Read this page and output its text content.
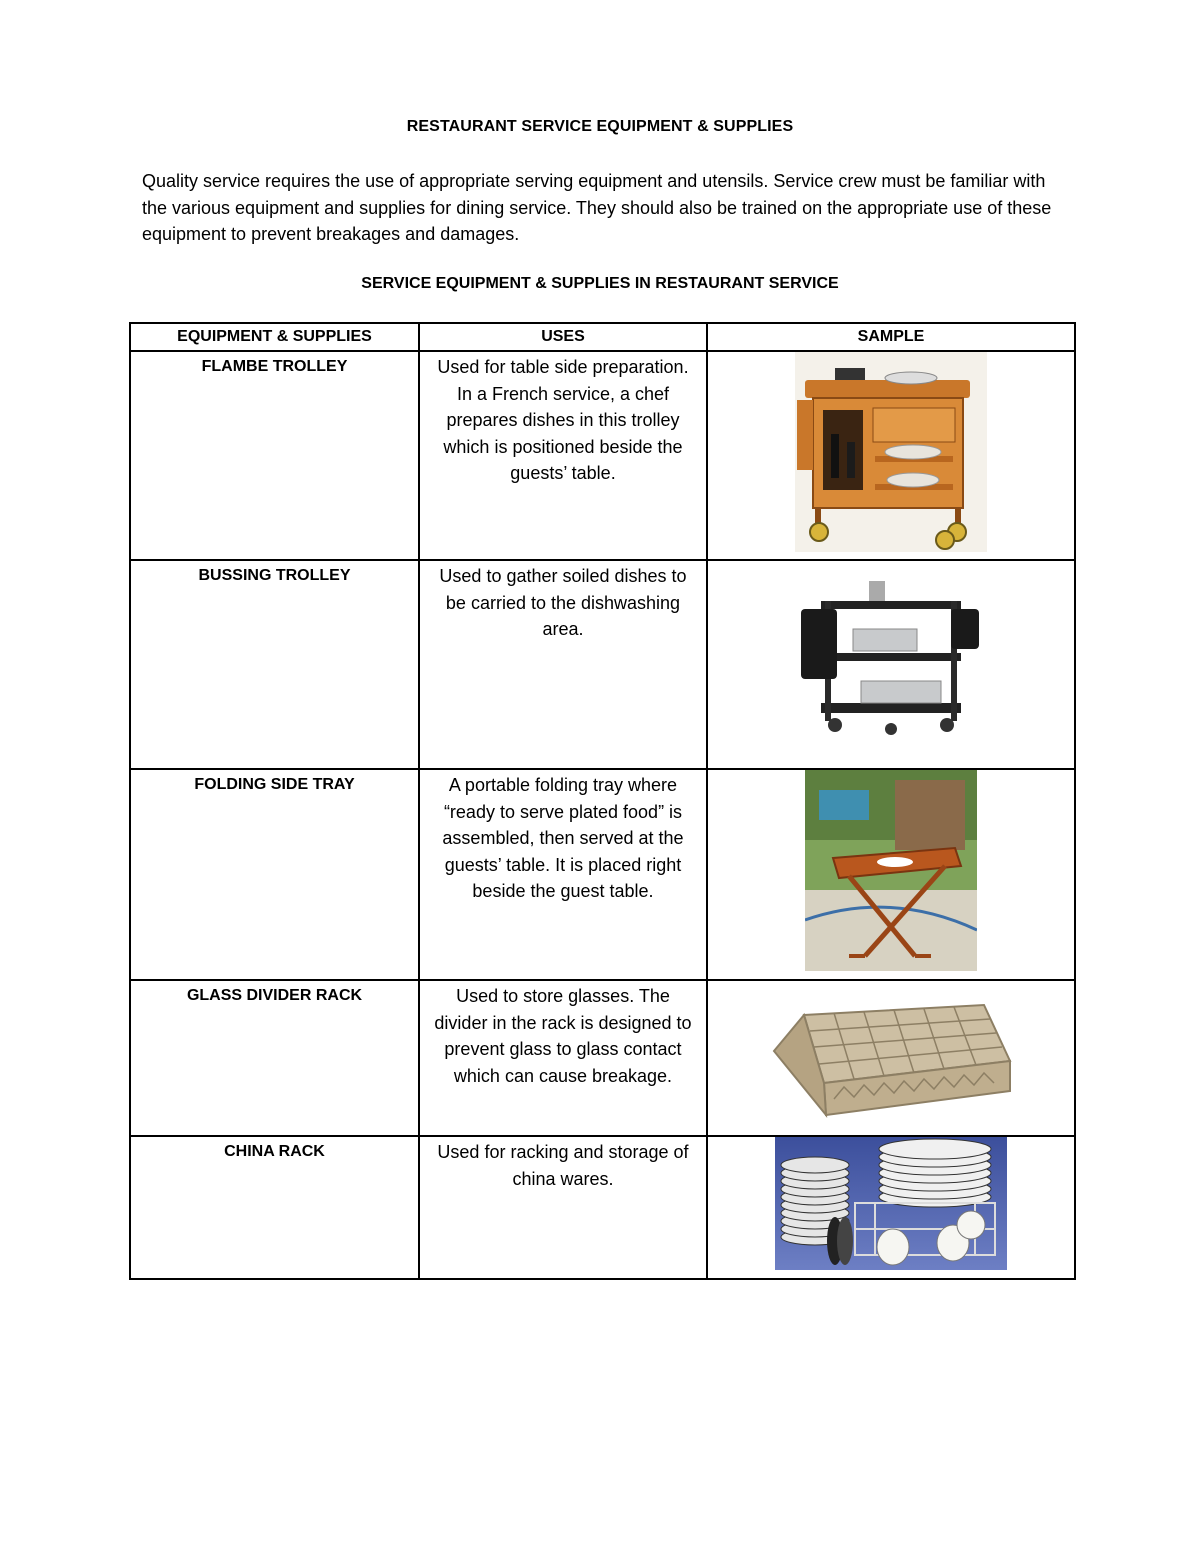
RESTAURANT SERVICE EQUIPMENT & SUPPLIES
Quality service requires the use of appropriate serving equipment and utensils. Service crew must be familiar with the various equipment and supplies for dining service. They should also be trained on the appropriate use of these equipment to prevent breakages and damages.
SERVICE EQUIPMENT & SUPPLIES IN RESTAURANT SERVICE
EQUIPMENT & SUPPLIES	USES	SAMPLE
FLAMBE TROLLEY	Used for table side preparation. In a French service, a chef prepares dishes in this trolley which is positioned beside the guests’ table.	

BUSSING TROLLEY	Used to gather soiled dishes to be carried to the dishwashing area.	

FOLDING SIDE TRAY	A portable folding tray where “ready to serve plated food” is assembled, then served at the guests’ table. It is placed right beside the guest table.	

GLASS DIVIDER RACK	Used to store glasses. The divider in the rack is designed to prevent glass to glass contact which can cause breakage.	

CHINA RACK	Used for racking and storage of china wares.	
